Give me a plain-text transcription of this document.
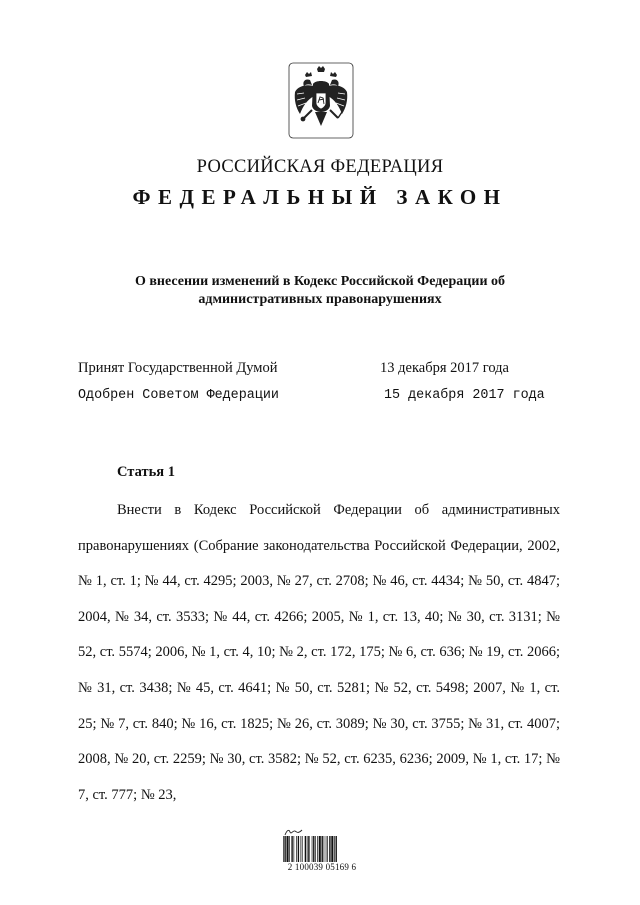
РОССИЙСКАЯ ФЕДЕРАЦИЯ
ФЕДЕРАЛЬНЫЙ ЗАКОН
О внесении изменений в Кодекс Российской Федерации об административных правонарушениях
Принят Государственной Думой	13 декабря 2017 года
Одобрен Советом Федерации	15 декабря 2017 года
Статья 1
Внести в Кодекс Российской Федерации об административных правонарушениях (Собрание законодательства Российской Федерации, 2002, № 1, ст. 1; № 44, ст. 4295; 2003, № 27, ст. 2708; № 46, ст. 4434; № 50, ст. 4847; 2004, № 34, ст. 3533; № 44, ст. 4266; 2005, № 1, ст. 13, 40; № 30, ст. 3131; № 52, ст. 5574; 2006, № 1, ст. 4, 10; № 2, ст. 172, 175; № 6, ст. 636; № 19, ст. 2066; № 31, ст. 3438; № 45, ст. 4641; № 50, ст. 5281; № 52, ст. 5498; 2007, № 1, ст. 25; № 7, ст. 840; № 16, ст. 1825; № 26, ст. 3089; № 30, ст. 3755; № 31, ст. 4007; 2008, № 20, ст. 2259; № 30, ст. 3582; № 52, ст. 6235, 6236; 2009, № 1, ст. 17; № 7, ст. 777; № 23,
2 100039 05169 6
